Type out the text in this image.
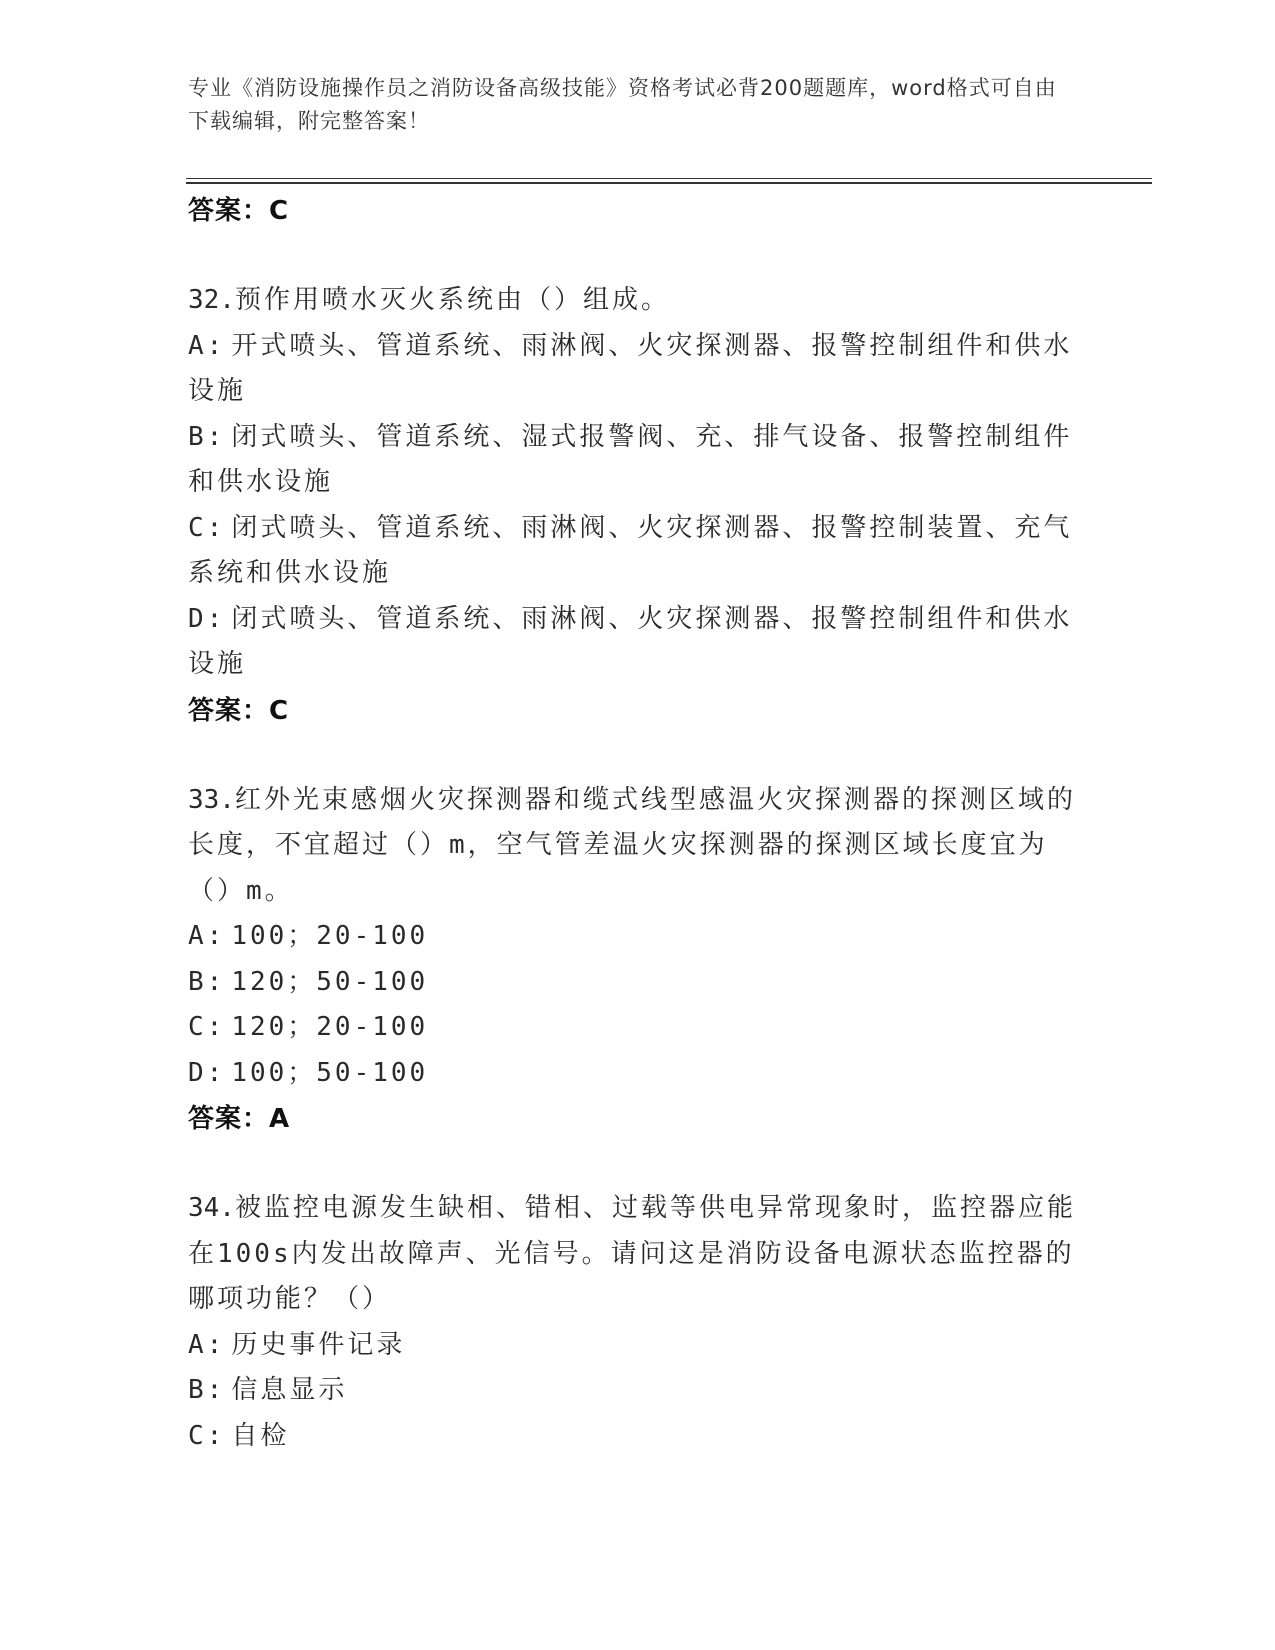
专业《消防设施操作员之消防设备高级技能》资格考试必背200题题库，word格式可自由下载编辑，附完整答案！
答案：C
32.预作用喷水灭火系统由（）组成。
A: 开式喷头、管道系统、雨淋阀、火灾探测器、报警控制组件和供水设施
B: 闭式喷头、管道系统、湿式报警阀、充、排气设备、报警控制组件和供水设施
C: 闭式喷头、管道系统、雨淋阀、火灾探测器、报警控制装置、充气系统和供水设施
D: 闭式喷头、管道系统、雨淋阀、火灾探测器、报警控制组件和供水设施
答案：C
33.红外光束感烟火灾探测器和缆式线型感温火灾探测器的探测区域的长度，不宜超过（）m，空气管差温火灾探测器的探测区域长度宜为（）m。
A: 100；20-100
B: 120；50-100
C: 120；20-100
D: 100；50-100
答案：A
34.被监控电源发生缺相、错相、过载等供电异常现象时，监控器应能在100s内发出故障声、光信号。请问这是消防设备电源状态监控器的哪项功能？（）
A: 历史事件记录
B: 信息显示
C: 自检
